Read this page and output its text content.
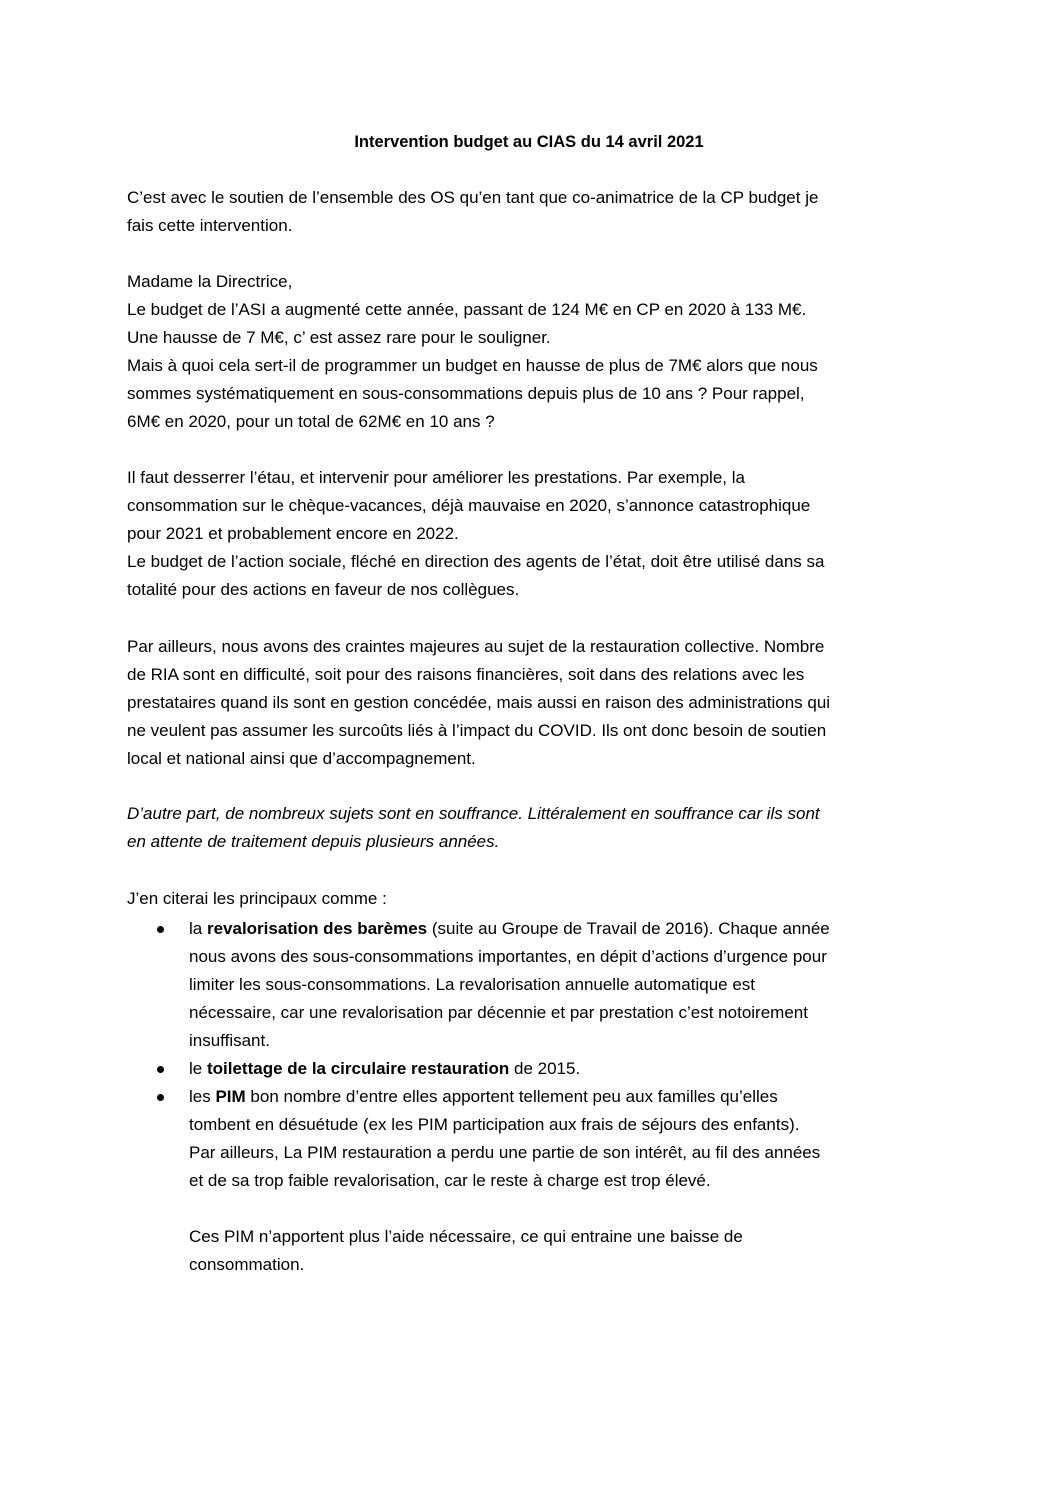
Intervention budget au CIAS du 14 avril 2021

C’est avec le soutien de l’ensemble des OS qu’en tant que co-animatrice de la CP budget je
fais cette intervention.

Madame la Directrice,

Le budget de l’ASI a augmenté cette année, passant de 124 M€ en CP en 2020 à 133 M€.
Une hausse de 7 M€, c’ est assez rare pour le souligner.
Mais à quoi cela sert-il de programmer un budget en hausse de plus de 7M€ alors que nous
sommes systématiquement en sous-consommations depuis plus de 10 ans ? Pour rappel,
6M€ en 2020, pour un total de 62M€ en 10 ans ?

Il faut desserrer l’étau, et intervenir pour améliorer les prestations. Par exemple, la
consommation sur le chèque-vacances, déjà mauvaise en 2020, s’annonce catastrophique
pour 2021 et probablement encore en 2022.
Le budget de l’action sociale, fléché en direction des agents de l’état, doit être utilisé dans sa
totalité pour des actions en faveur de nos collègues.

Par ailleurs, nous avons des craintes majeures au sujet de la restauration collective. Nombre
de RIA sont en difficulté, soit pour des raisons financières, soit dans des relations avec les
prestataires quand ils sont en gestion concédée, mais aussi en raison des administrations qui
ne veulent pas assumer les surcoûts liés à l’impact du COVID. Ils ont donc besoin de soutien
local et national ainsi que d’accompagnement.

D’autre part, de nombreux sujets sont en souffrance. Littéralement en souffrance car ils sont
en attente de traitement depuis plusieurs années.

J’en citerai les principaux comme :

la revalorisation des barèmes (suite au Groupe de Travail de 2016). Chaque année
nous avons des sous-consommations importantes, en dépit d’actions d’urgence pour
limiter les sous-consommations. La revalorisation annuelle automatique est
nécessaire, car une revalorisation par décennie et par prestation c’est notoirement
insuffisant.
le toilettage de la circulaire restauration de 2015.
les PIM bon nombre d’entre elles apportent tellement peu aux familles qu’elles
tombent en désuétude (ex les PIM participation aux frais de séjours des enfants).
Par ailleurs, La PIM restauration a perdu une partie de son intérêt, au fil des années
et de sa trop faible revalorisation, car le reste à charge est trop élevé.

Ces PIM n’apportent plus l’aide nécessaire, ce qui entraine une baisse de
consommation.
